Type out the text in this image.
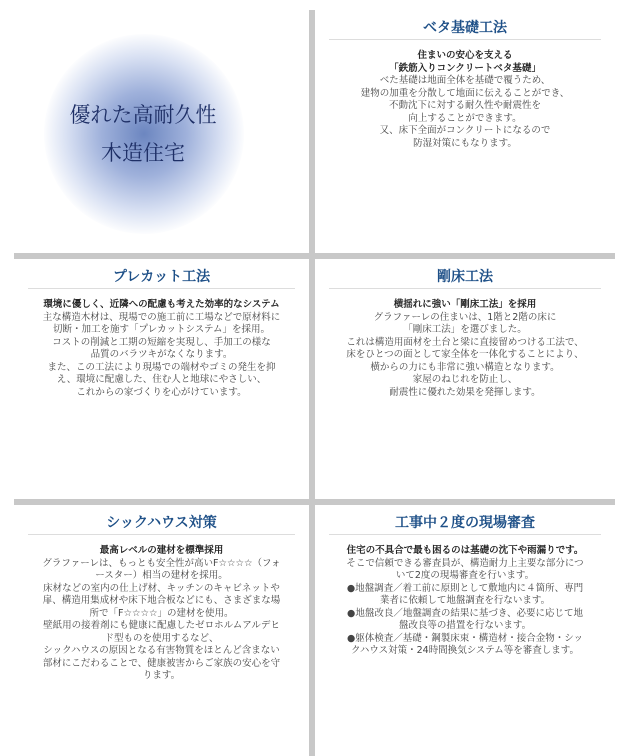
優れた高耐久性
木造住宅
ベタ基礎工法

住まいの安心を支える

「鉄筋入りコンクリートベタ基礎」

ベた基礎は地面全体を基礎で覆うため、

建物の加重を分散して地面に伝えることができ、

不動沈下に対する耐久性や耐震性を

向上することができます。

又、床下全面がコンクリートになるので

防湿対策にもなります。

プレカット工法

環境に優しく、近隣への配慮も考えた効率的なシステム

主な構造木材は、現場での施工前に工場などで原材料に

切断・加工を施す「プレカットシステム」を採用。

コストの削減と工期の短縮を実現し、手加工の様な

品質のバラツキがなくなります。

また、この工法により現場での端材やゴミの発生を抑

え、環境に配慮した、住む人と地球にやさしい、

これからの家づくりを心がけています。

剛床工法

横揺れに強い「剛床工法」を採用

グラファーレの住まいは、1階と2階の床に

「剛床工法」を選びました。

これは構造用面材を土台と梁に直接留めつける工法で、

床をひとつの面として家全体を一体化することにより、

横からの力にも非常に強い構造となります。

家屋のねじれを防止し、

耐震性に優れた効果を発揮します。

シックハウス対策

最高レベルの建材を標準採用

グラファーレは、もっとも安全性が高いF☆☆☆☆（フォ

ースター）相当の建材を採用。

床材などの室内の仕上げ材、キッチンのキャビネットや

扉、構造用集成材や床下地合板などにも、さまざまな場

所で「F☆☆☆☆」の建材を使用。

壁紙用の接着剤にも健康に配慮したゼロホルムアルデヒ

ド型ものを使用するなど、

シックハウスの原因となる有害物質をほとんど含まない

部材にこだわることで、健康被害からご家族の安心を守

ります。

工事中２度の現場審査

住宅の不具合で最も困るのは基礎の沈下や雨漏りです。

そこで信頼できる審査員が、構造耐力上主要な部分につ

いて2度の現場審査を行います。

●地盤調査／着工前に原則として敷地内に４箇所、専門

業者に依頼して地盤調査を行ないます。

●地盤改良／地盤調査の結果に基づき、必要に応じて地

盤改良等の措置を行ないます。

●躯体検査／基礎・鋼製床束・構造材・接合金物・シッ

クハウス対策・24時間換気システム等を審査します。
